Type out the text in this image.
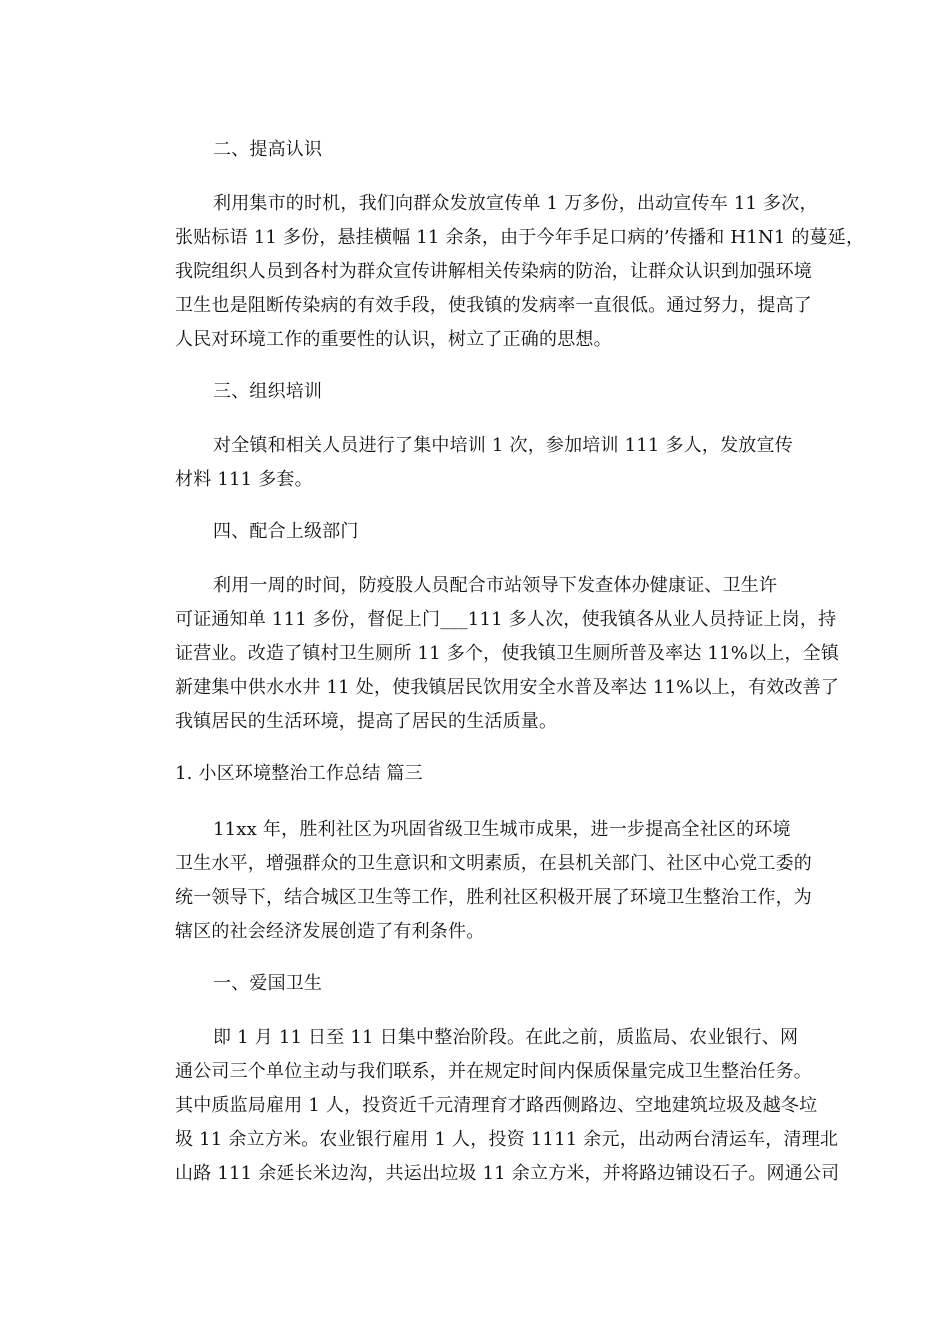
二、提高认识
利用集市的时机，我们向群众发放宣传单 1 万多份，出动宣传车 11 多次，
张贴标语 11 多份，悬挂横幅 11 余条，由于今年手足口病的’传播和 H1N1 的蔓延，
我院组织人员到各村为群众宣传讲解相关传染病的防治，让群众认识到加强环境
卫生也是阻断传染病的有效手段，使我镇的发病率一直很低。通过努力，提高了
人民对环境工作的重要性的认识，树立了正确的思想。
三、组织培训
对全镇和相关人员进行了集中培训 1 次，参加培训 111 多人，发放宣传
材料 111 多套。
四、配合上级部门
利用一周的时间，防疫股人员配合市站领导下发查体办健康证、卫生许
可证通知单 111 多份，督促上门___111 多人次，使我镇各从业人员持证上岗，持
证营业。改造了镇村卫生厕所 11 多个，使我镇卫生厕所普及率达 11%以上，全镇
新建集中供水水井 11 处，使我镇居民饮用安全水普及率达 11%以上，有效改善了
我镇居民的生活环境，提高了居民的生活质量。
1. 小区环境整治工作总结 篇三
11xx 年，胜利社区为巩固省级卫生城市成果，进一步提高全社区的环境
卫生水平，增强群众的卫生意识和文明素质，在县机关部门、社区中心党工委的
统一领导下，结合城区卫生等工作，胜利社区积极开展了环境卫生整治工作，为
辖区的社会经济发展创造了有利条件。
一、爱国卫生
即 1 月 11 日至 11 日集中整治阶段。在此之前，质监局、农业银行、网
通公司三个单位主动与我们联系，并在规定时间内保质保量完成卫生整治任务。
其中质监局雇用 1 人，投资近千元清理育才路西侧路边、空地建筑垃圾及越冬垃
圾 11 余立方米。农业银行雇用 1 人，投资 1111 余元，出动两台清运车，清理北
山路 111 余延长米边沟，共运出垃圾 11 余立方米，并将路边铺设石子。网通公司
